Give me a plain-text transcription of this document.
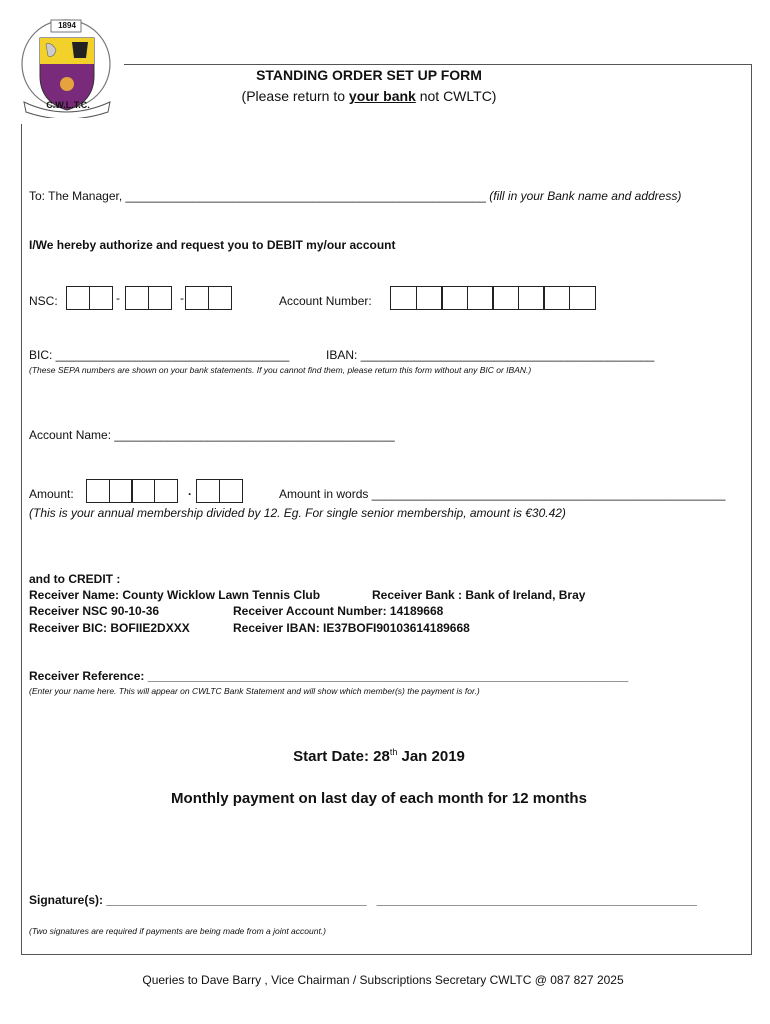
1894
C.W.L.T.C.
STANDING ORDER SET UP FORM
(Please return to your bank not CWLTC)
To: The Manager, ______________________________________________________ (fill in your Bank name and address)
I/We hereby authorize and request you to DEBIT my/our account
NSC:	-	-	Account Number:
BIC: ___________________________________	IBAN: ____________________________________________
(These SEPA numbers are shown on your bank statements. If you cannot find them, please return this form without any BIC or IBAN.)
Account Name: __________________________________________
Amount:	.	Amount in words _____________________________________________________
(This is your annual membership divided by 12. Eg. For single senior membership, amount is €30.42)
and to CREDIT :
Receiver Name: County Wicklow Lawn Tennis Club	Receiver Bank : Bank of Ireland, Bray
Receiver NSC 90-10-36	Receiver Account Number: 14189668
Receiver BIC: BOFIIE2DXXX	Receiver IBAN: IE37BOFI90103614189668
Receiver Reference: ________________________________________________________________________
(Enter your name here. This will appear on CWLTC Bank Statement and will show which member(s) the payment is for.)
Start Date: 28th Jan 2019
Monthly payment on last day of each month for 12 months
Signature(s): _______________________________________ ________________________________________________
(Two signatures are required if payments are being made from a joint account.)
Queries to Dave Barry , Vice Chairman / Subscriptions Secretary CWLTC @ 087 827 2025
